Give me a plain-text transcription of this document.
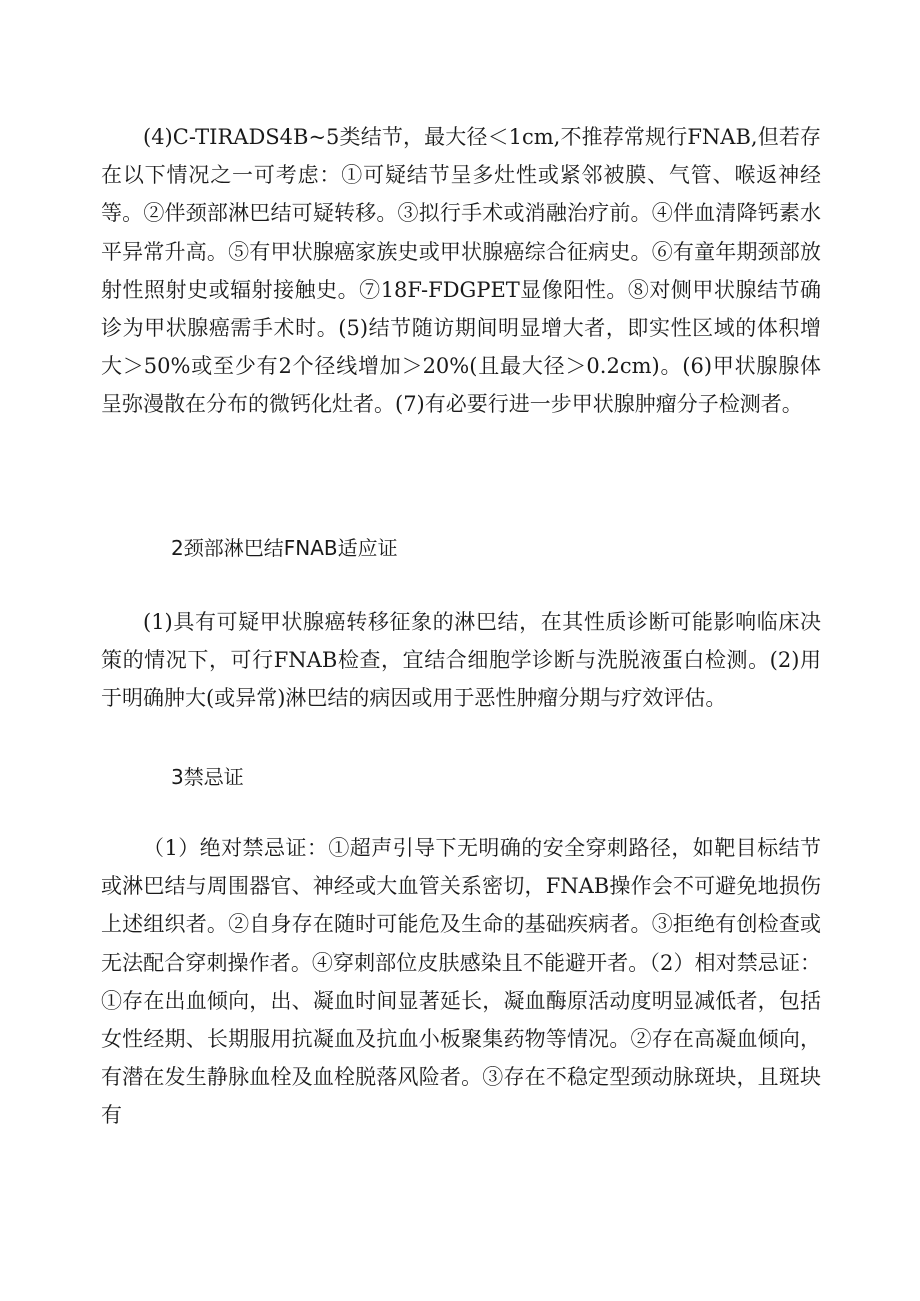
(4)C-TIRADS4B~5类结节，最大径＜1cm,不推荐常规行FNAB,但若存在以下情况之一可考虑：①可疑结节呈多灶性或紧邻被膜、气管、喉返神经等。②伴颈部淋巴结可疑转移。③拟行手术或消融治疗前。④伴血清降钙素水平异常升高。⑤有甲状腺癌家族史或甲状腺癌综合征病史。⑥有童年期颈部放射性照射史或辐射接触史。⑦18F-FDGPET显像阳性。⑧对侧甲状腺结节确诊为甲状腺癌需手术时。(5)结节随访期间明显增大者，即实性区域的体积增大＞50%或至少有2个径线增加＞20%(且最大径＞0.2cm)。(6)甲状腺腺体呈弥漫散在分布的微钙化灶者。(7)有必要行进一步甲状腺肿瘤分子检测者。

2颈部淋巴结FNAB适应证

(1)具有可疑甲状腺癌转移征象的淋巴结，在其性质诊断可能影响临床决策的情况下，可行FNAB检查，宜结合细胞学诊断与洗脱液蛋白检测。(2)用于明确肿大(或异常)淋巴结的病因或用于恶性肿瘤分期与疗效评估。

3禁忌证

（1）绝对禁忌证：①超声引导下无明确的安全穿刺路径，如靶目标结节或淋巴结与周围器官、神经或大血管关系密切，FNAB操作会不可避免地损伤上述组织者。②自身存在随时可能危及生命的基础疾病者。③拒绝有创检查或无法配合穿刺操作者。④穿刺部位皮肤感染且不能避开者。（2）相对禁忌证：①存在出血倾向，出、凝血时间显著延长，凝血酶原活动度明显减低者，包括女性经期、长期服用抗凝血及抗血小板聚集药物等情况。②存在高凝血倾向，有潜在发生静脉血栓及血栓脱落风险者。③存在不稳定型颈动脉斑块，且斑块有
